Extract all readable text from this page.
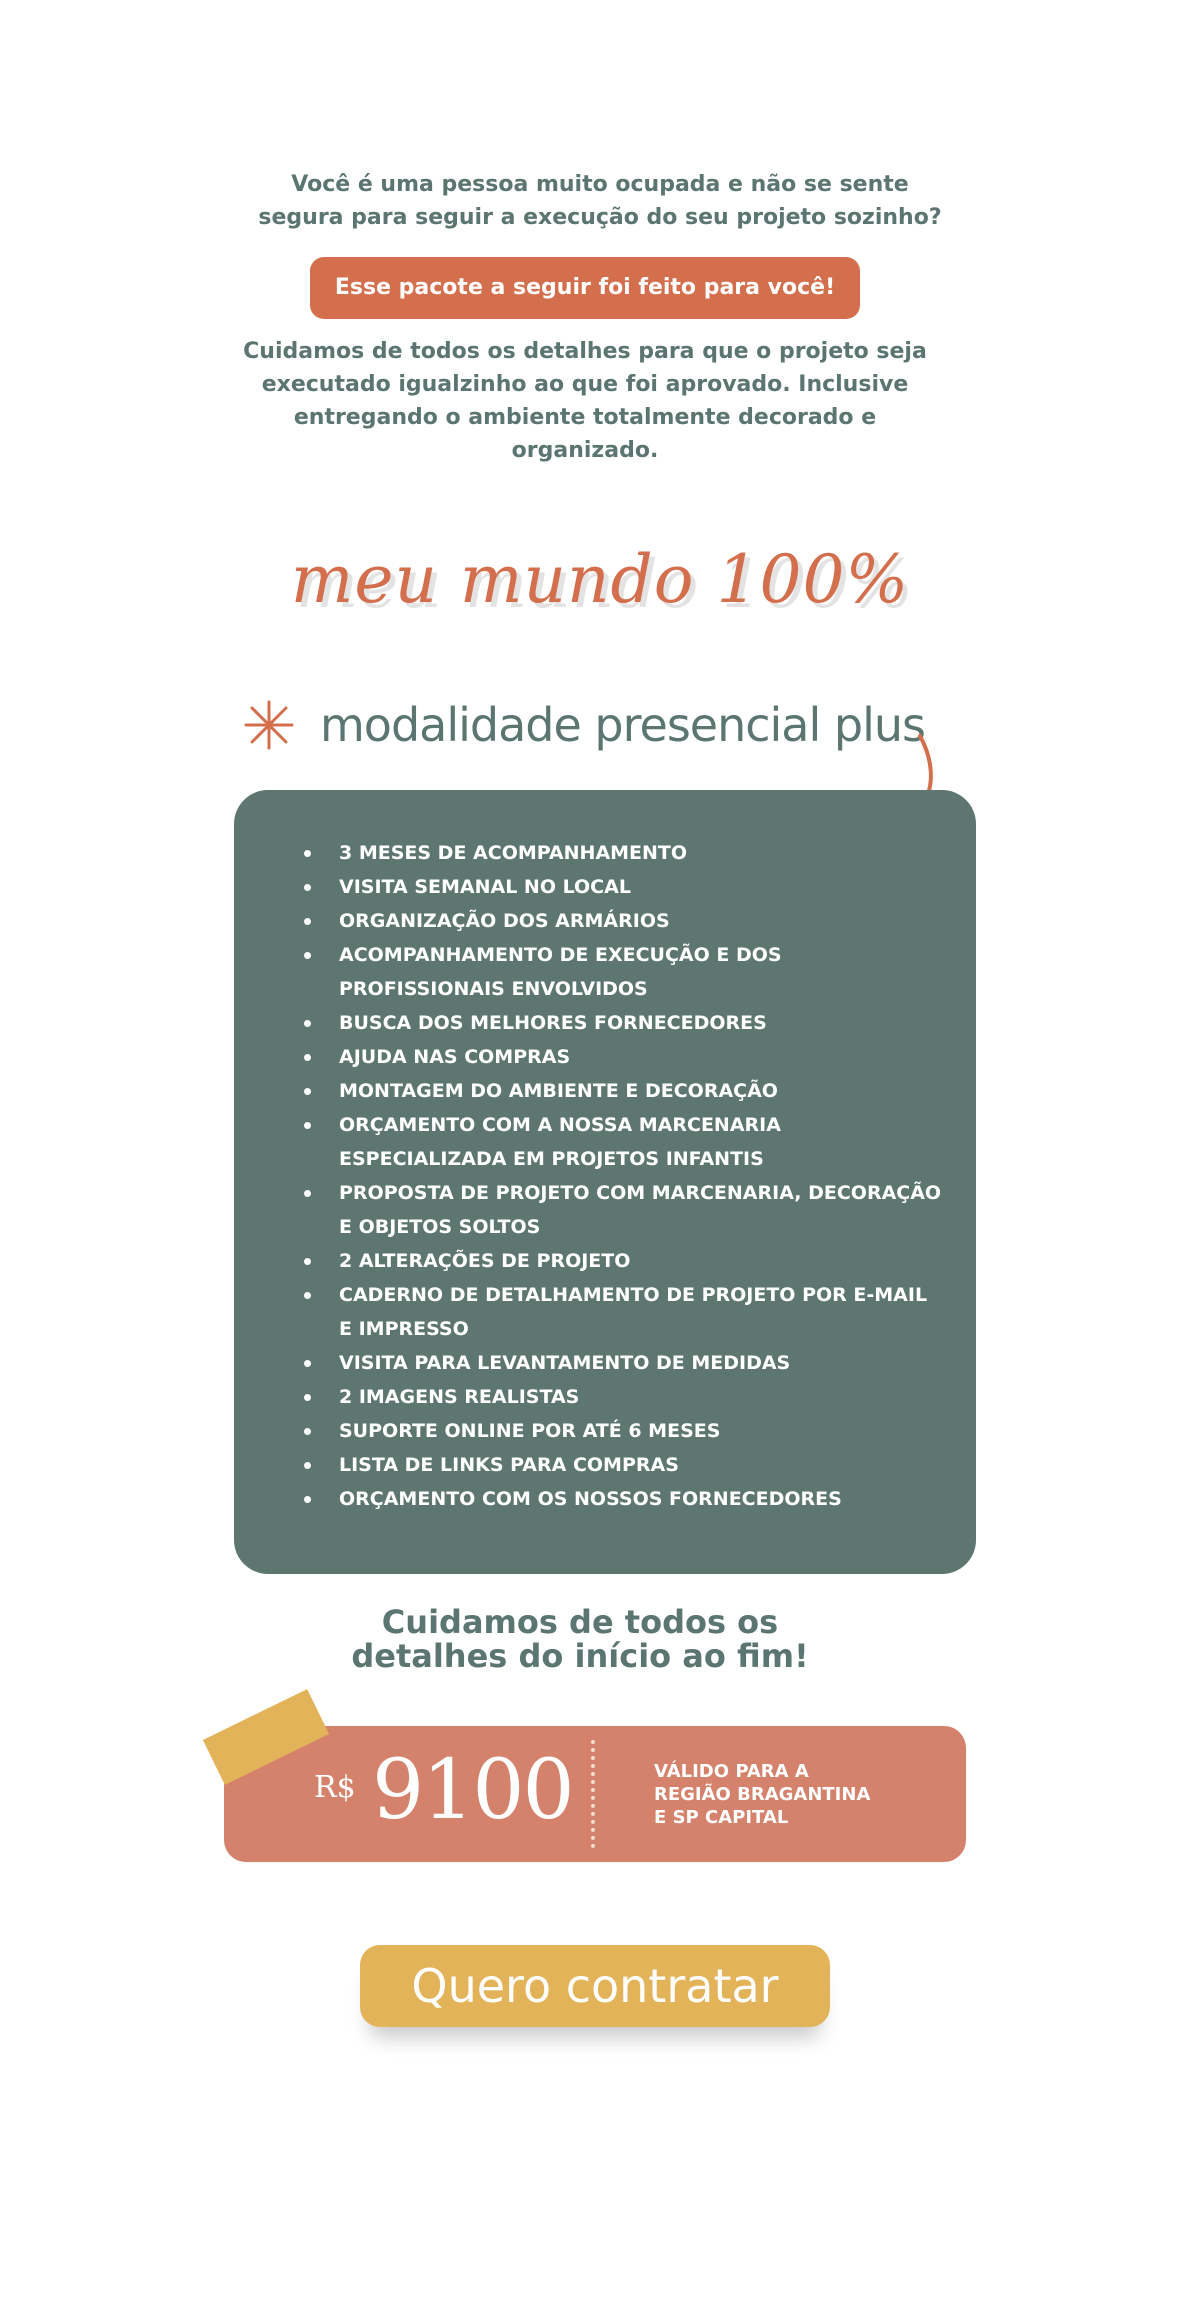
Você é uma pessoa muito ocupada e não se sente
segura para seguir a execução do seu projeto sozinho?
Esse pacote a seguir foi feito para você!
Cuidamos de todos os detalhes para que o projeto seja
executado igualzinho ao que foi aprovado. Inclusive
entregando o ambiente totalmente decorado e
organizado.
meu mundo 100%
modalidade presencial plus
3 MESES DE ACOMPANHAMENTO
VISITA SEMANAL NO LOCAL
ORGANIZAÇÃO DOS ARMÁRIOS
ACOMPANHAMENTO DE EXECUÇÃO E DOS PROFISSIONAIS ENVOLVIDOS
BUSCA DOS MELHORES FORNECEDORES
AJUDA NAS COMPRAS
MONTAGEM DO AMBIENTE E DECORAÇÃO
ORÇAMENTO COM A NOSSA MARCENARIA ESPECIALIZADA EM PROJETOS INFANTIS
PROPOSTA DE PROJETO COM MARCENARIA, DECORAÇÃO E OBJETOS SOLTOS
2 ALTERAÇÕES DE PROJETO
CADERNO DE DETALHAMENTO DE PROJETO POR E-MAIL E IMPRESSO
VISITA PARA LEVANTAMENTO DE MEDIDAS
2 IMAGENS REALISTAS
SUPORTE ONLINE POR ATÉ 6 MESES
LISTA DE LINKS PARA COMPRAS
ORÇAMENTO COM OS NOSSOS FORNECEDORES
Cuidamos de todos os
detalhes do início ao fim!
R$ 9100	VÁLIDO PARA A
REGIÃO BRAGANTINA
E SP CAPITAL
Quero contratar
